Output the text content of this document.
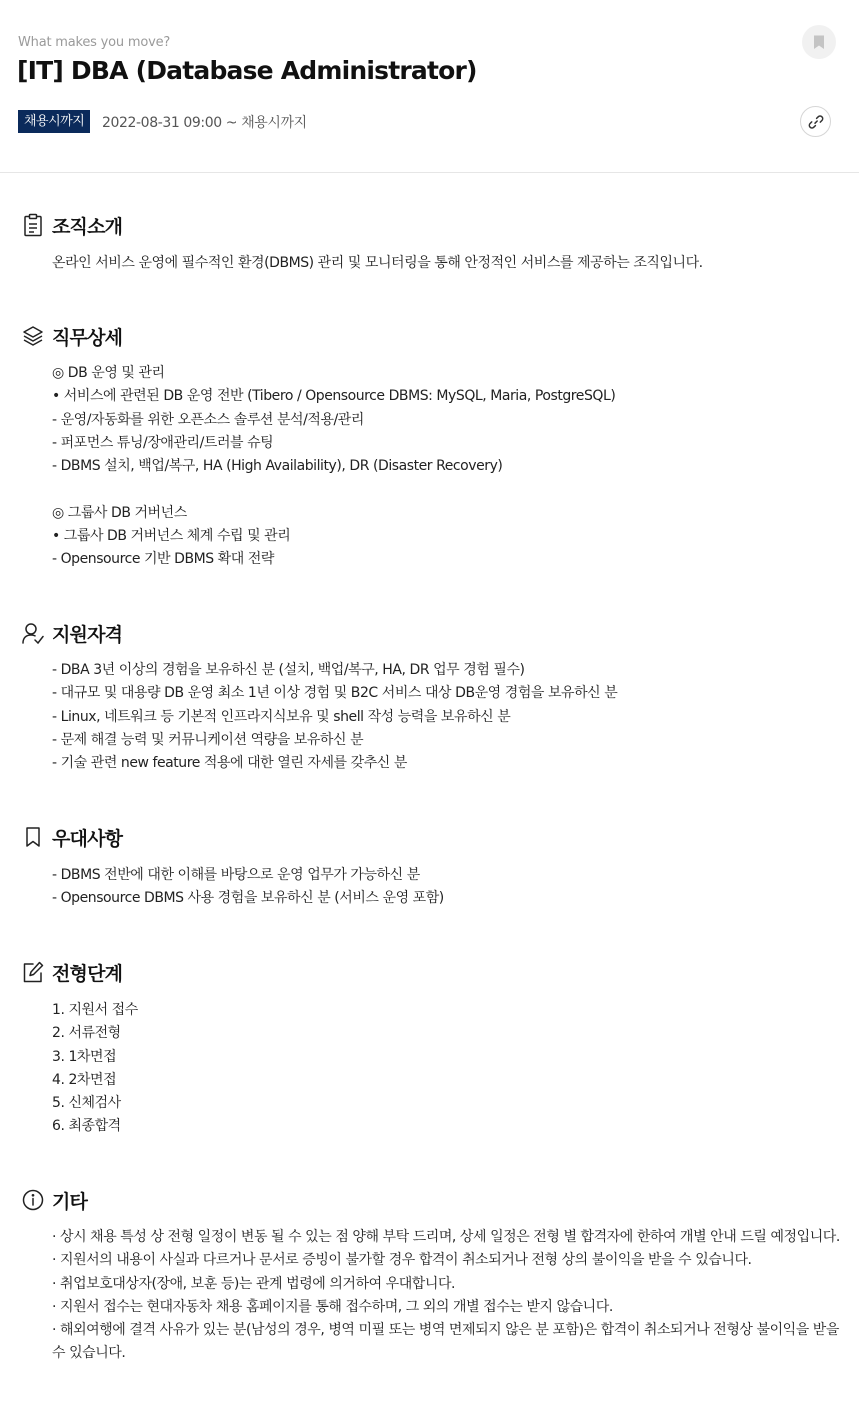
What makes you move?
[IT] DBA (Database Administrator)
채용시까지	2022-08-31 09:00 ~ 채용시까지
조직소개
온라인 서비스 운영에 필수적인 환경(DBMS) 관리 및 모니터링을 통해 안정적인 서비스를 제공하는 조직입니다.
직무상세
◎ DB 운영 및 관리
• 서비스에 관련된 DB 운영 전반 (Tibero / Opensource DBMS: MySQL, Maria, PostgreSQL)
- 운영/자동화를 위한 오픈소스 솔루션 분석/적용/관리
- 퍼포먼스 튜닝/장애관리/트러블 슈팅
- DBMS 설치, 백업/복구, HA (High Availability), DR (Disaster Recovery)
◎ 그룹사 DB 거버넌스
• 그룹사 DB 거버넌스 체계 수립 및 관리
- Opensource 기반 DBMS 확대 전략
지원자격
- DBA 3년 이상의 경험을 보유하신 분 (설치, 백업/복구, HA, DR 업무 경험 필수)
- 대규모 및 대용량 DB 운영 최소 1년 이상 경험 및 B2C 서비스 대상 DB운영 경험을 보유하신 분
- Linux, 네트워크 등 기본적 인프라지식보유 및 shell 작성 능력을 보유하신 분
- 문제 해결 능력 및 커뮤니케이션 역량을 보유하신 분
- 기술 관련 new feature 적용에 대한 열린 자세를 갖추신 분
우대사항
- DBMS 전반에 대한 이해를 바탕으로 운영 업무가 가능하신 분
- Opensource DBMS 사용 경험을 보유하신 분 (서비스 운영 포함)
전형단계
1. 지원서 접수
2. 서류전형
3. 1차면접
4. 2차면접
5. 신체검사
6. 최종합격
기타
· 상시 채용 특성 상 전형 일정이 변동 될 수 있는 점 양해 부탁 드리며, 상세 일정은 전형 별 합격자에 한하여 개별 안내 드릴 예정입니다.
· 지원서의 내용이 사실과 다르거나 문서로 증빙이 불가할 경우 합격이 취소되거나 전형 상의 불이익을 받을 수 있습니다.
· 취업보호대상자(장애, 보훈 등)는 관계 법령에 의거하여 우대합니다.
· 지원서 접수는 현대자동차 채용 홈페이지를 통해 접수하며, 그 외의 개별 접수는 받지 않습니다.
· 해외여행에 결격 사유가 있는 분(남성의 경우, 병역 미필 또는 병역 면제되지 않은 분 포함)은 합격이 취소되거나 전형상 불이익을 받을 수 있습니다.
